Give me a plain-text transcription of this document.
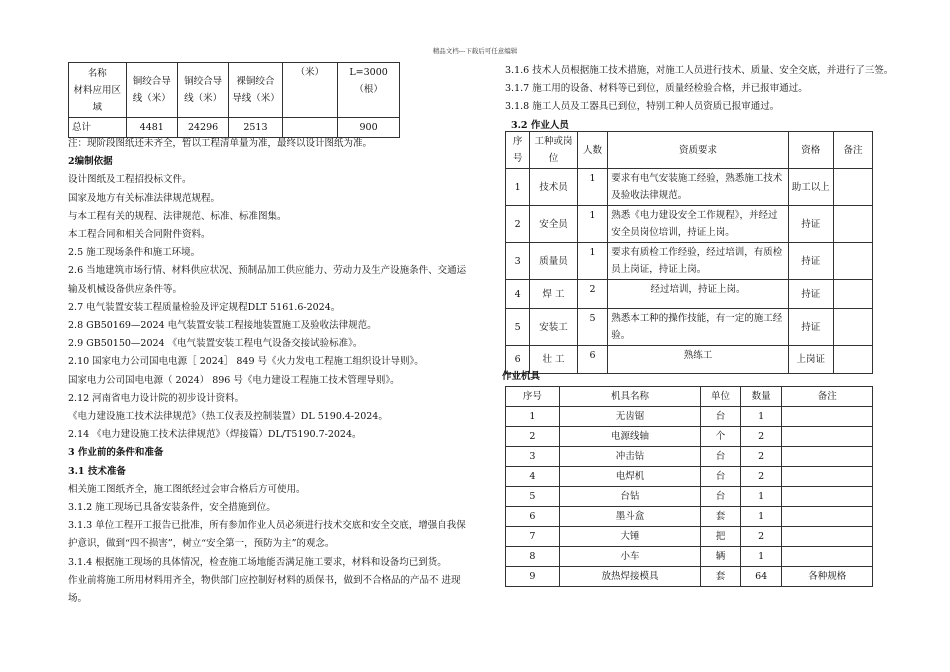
精品文档---下载后可任意编辑
名称
材料应用区域	铜绞合导线（米）	铜绞合导线（米）	裸铜绞合导线（米）	（米）	L=3000（根）
总计	4481	24296	2513		900

注：现阶段图纸还未齐全，暂以工程清单量为准，最终以设计图纸为准。

2编制依据

设计图纸及工程招投标文件。

国家及地方有关标准法律规范规程。

与本工程有关的规程、法律规范、标准、标准图集。

本工程合同和相关合同附件资料。

2.5 施工现场条件和施工环境。

2.6 当地建筑市场行情、材料供应状况、预制品加工供应能力、劳动力及生产设施条件、交通运

输及机械设备供应条件等。

2.7 电气装置安装工程质量检验及评定规程DLT 5161.6-2024。

2.8 GB50169—2024 电气装置安装工程接地装置施工及验收法律规范。

2.9 GB50150—2024 《电气装置安装工程电气设备交接试验标准》。

2.10 国家电力公司国电电源［ 2024］ 849 号《火力发电工程施工组织设计导则》。

国家电力公司国电电源（ 2024） 896 号《电力建设工程施工技术管理导则》。

2.12 河南省电力设计院的初步设计资料。

《电力建设施工技术法律规范》（热工仪表及控制装置）DL 5190.4-2024。

2.14 《电力建设施工技术法律规范》（焊接篇）DL/T5190.7-2024。

3 作业前的条件和准备

3.1 技术准备

相关施工图纸齐全，施工图纸经过会审合格后方可使用。

3.1.2 施工现场已具备安装条件，安全措施到位。

3.1.3 单位工程开工报告已批准，所有参加作业人员必须进行技术交底和安全交底，增强自我保

护意识，做到“四不损害”，树立“安全第一，预防为主”的观念。

3.1.4 根据施工现场的具体情况，检查施工场地能否满足施工要求，材料和设备均已到货。

作业前将施工所用材料用齐全，物供部门应控制好材料的质保书，做到不合格品的产品不 进现

场。

3.1.6 技术人员根据施工技术措施，对施工人员进行技术、质量、安全交底，并进行了三签。

3.1.7 施工用的设备、材料等已到位，质量经检验合格，并已报审通过。

3.1.8 施工人员及工器具已到位，特别工种人员资质已报审通过。

3.2 作业人员

序号	工种或岗位	人数	资质要求	资格	备注
1	技术员	1	要求有电气安装施工经验，熟悉施工技术及验收法律规范。	助工以上	
2	安全员	1	熟悉《电力建设安全工作规程》，并经过安全员岗位培训，持证上岗。	持证	
3	质量员	1	要求有质检工作经验，经过培训，有质检员上岗证，持证上岗。	持证	
4	焊 工	2	经过培训，持证上岗。	持证	
5	安装工	5	熟悉本工种的操作技能，有一定的施工经验。	持证	
6	壮 工	6	熟练工	上岗证	
作业机具
序号	机具名称	单位	数量	备注
1	无齿锯	台	1	
2	电源线轴	个	2	
3	冲击钻	台	2	
4	电焊机	台	2	
5	台钻	台	1	
6	墨斗盒	套	1	
7	大锤	把	2	
8	小车	辆	1	
9	放热焊接模具	套	64	各种规格
